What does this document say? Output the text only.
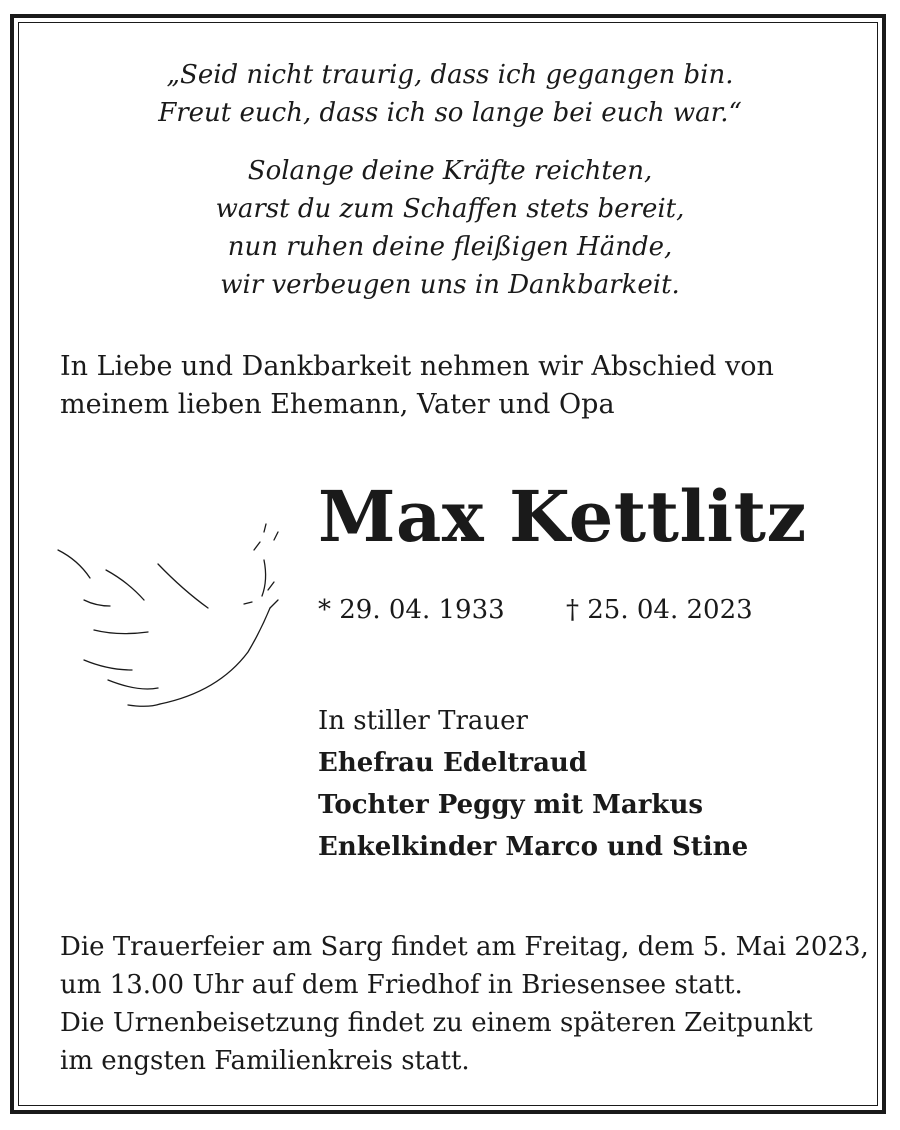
„Seid nicht traurig, dass ich gegangen bin.

Freut euch, dass ich so lange bei euch war.“

Solange deine Kräfte reichten,

warst du zum Schaffen stets bereit,

nun ruhen deine fleißigen Hände,

wir verbeugen uns in Dankbarkeit.

In Liebe und Dankbarkeit nehmen wir Abschied von

meinem lieben Ehemann, Vater und Opa

Max Kettlitz
* 29. 04. 1933 † 25. 04. 2023

In stiller Trauer

Ehefrau Edeltraud

Tochter Peggy mit Markus

Enkelkinder Marco und Stine

Die Trauerfeier am Sarg findet am Freitag, dem 5. Mai 2023,

um 13.00 Uhr auf dem Friedhof in Briesensee statt.

Die Urnenbeisetzung findet zu einem späteren Zeitpunkt

im engsten Familienkreis statt.
